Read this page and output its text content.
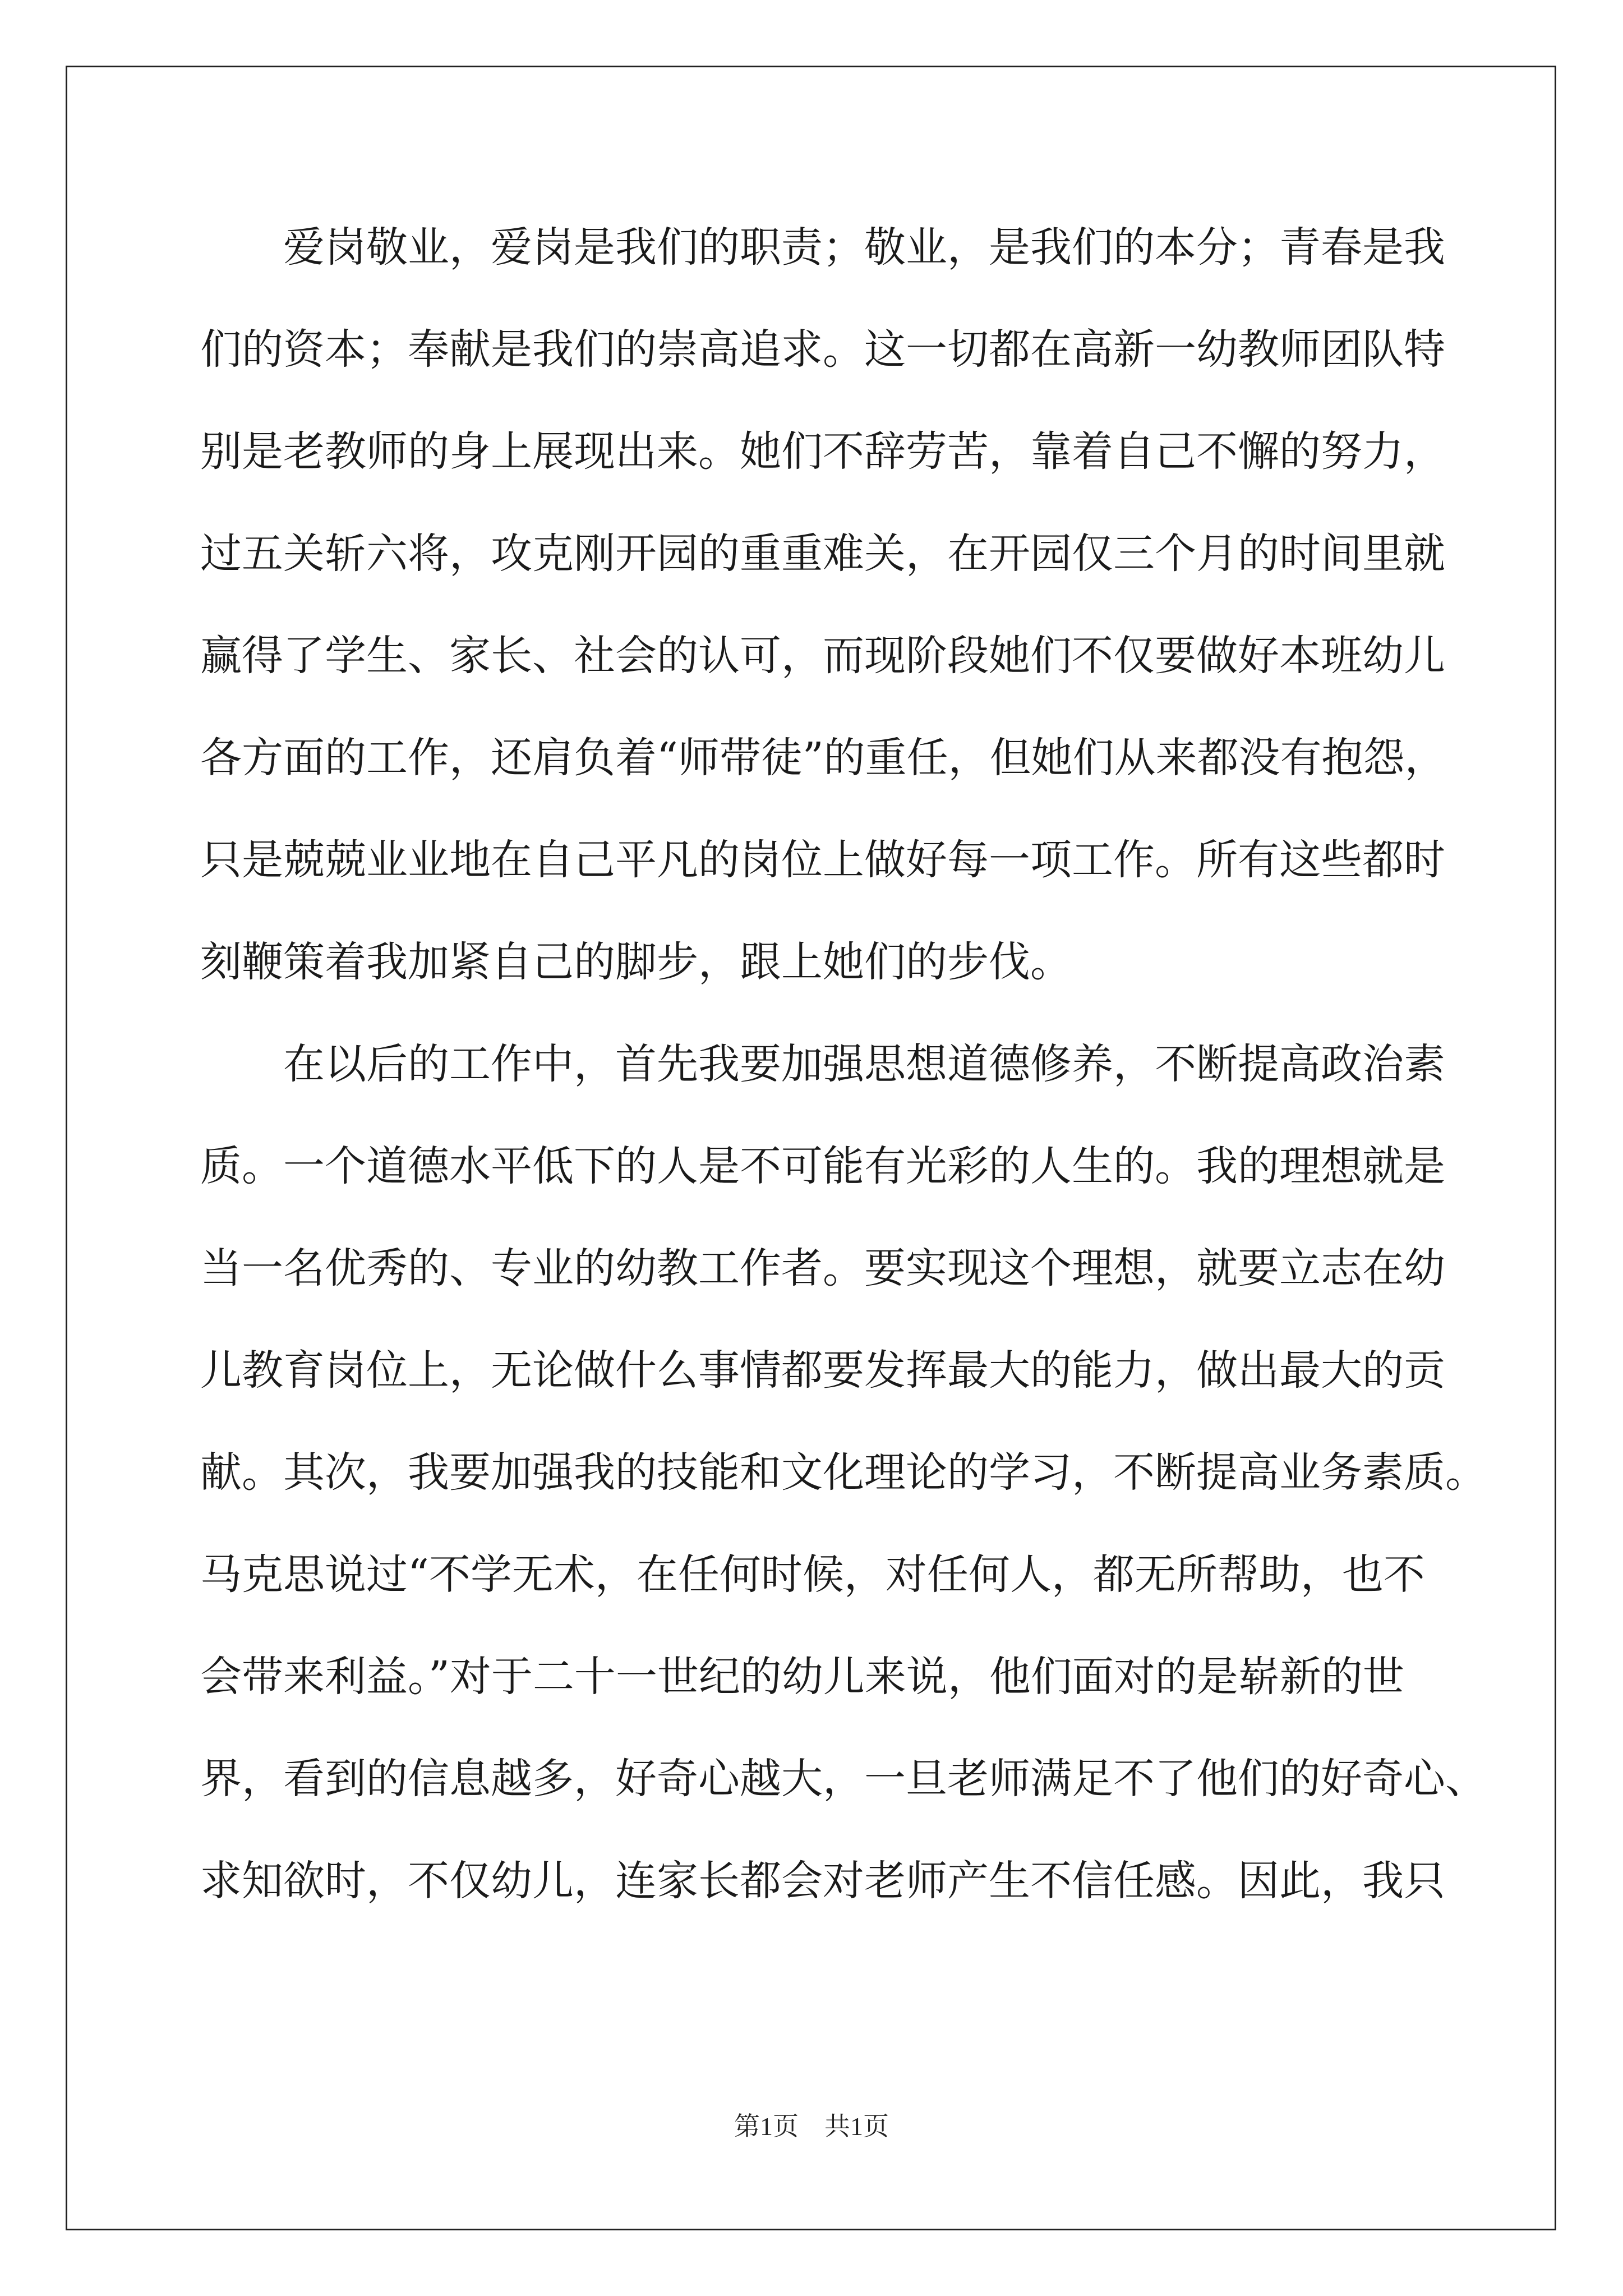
　　爱岗敬业，爱岗是我们的职责；敬业，是我们的本分；青春是我
们的资本；奉献是我们的崇高追求。这一切都在高新一幼教师团队特
别是老教师的身上展现出来。她们不辞劳苦，靠着自己不懈的努力，
过五关斩六将，攻克刚开园的重重难关，在开园仅三个月的时间里就
赢得了学生、家长、社会的认可，而现阶段她们不仅要做好本班幼儿
各方面的工作，还肩负着“师带徒”的重任，但她们从来都没有抱怨，
只是兢兢业业地在自己平凡的岗位上做好每一项工作。所有这些都时
刻鞭策着我加紧自己的脚步，跟上她们的步伐。
　　在以后的工作中，首先我要加强思想道德修养，不断提高政治素
质。一个道德水平低下的人是不可能有光彩的人生的。我的理想就是
当一名优秀的、专业的幼教工作者。要实现这个理想，就要立志在幼
儿教育岗位上，无论做什么事情都要发挥最大的能力，做出最大的贡
献。其次，我要加强我的技能和文化理论的学习，不断提高业务素质。
马克思说过“不学无术，在任何时候，对任何人，都无所帮助，也不
会带来利益。”对于二十一世纪的幼儿来说，他们面对的是崭新的世
界，看到的信息越多，好奇心越大，一旦老师满足不了他们的好奇心、
求知欲时，不仅幼儿，连家长都会对老师产生不信任感。因此，我只
第1页　共1页
